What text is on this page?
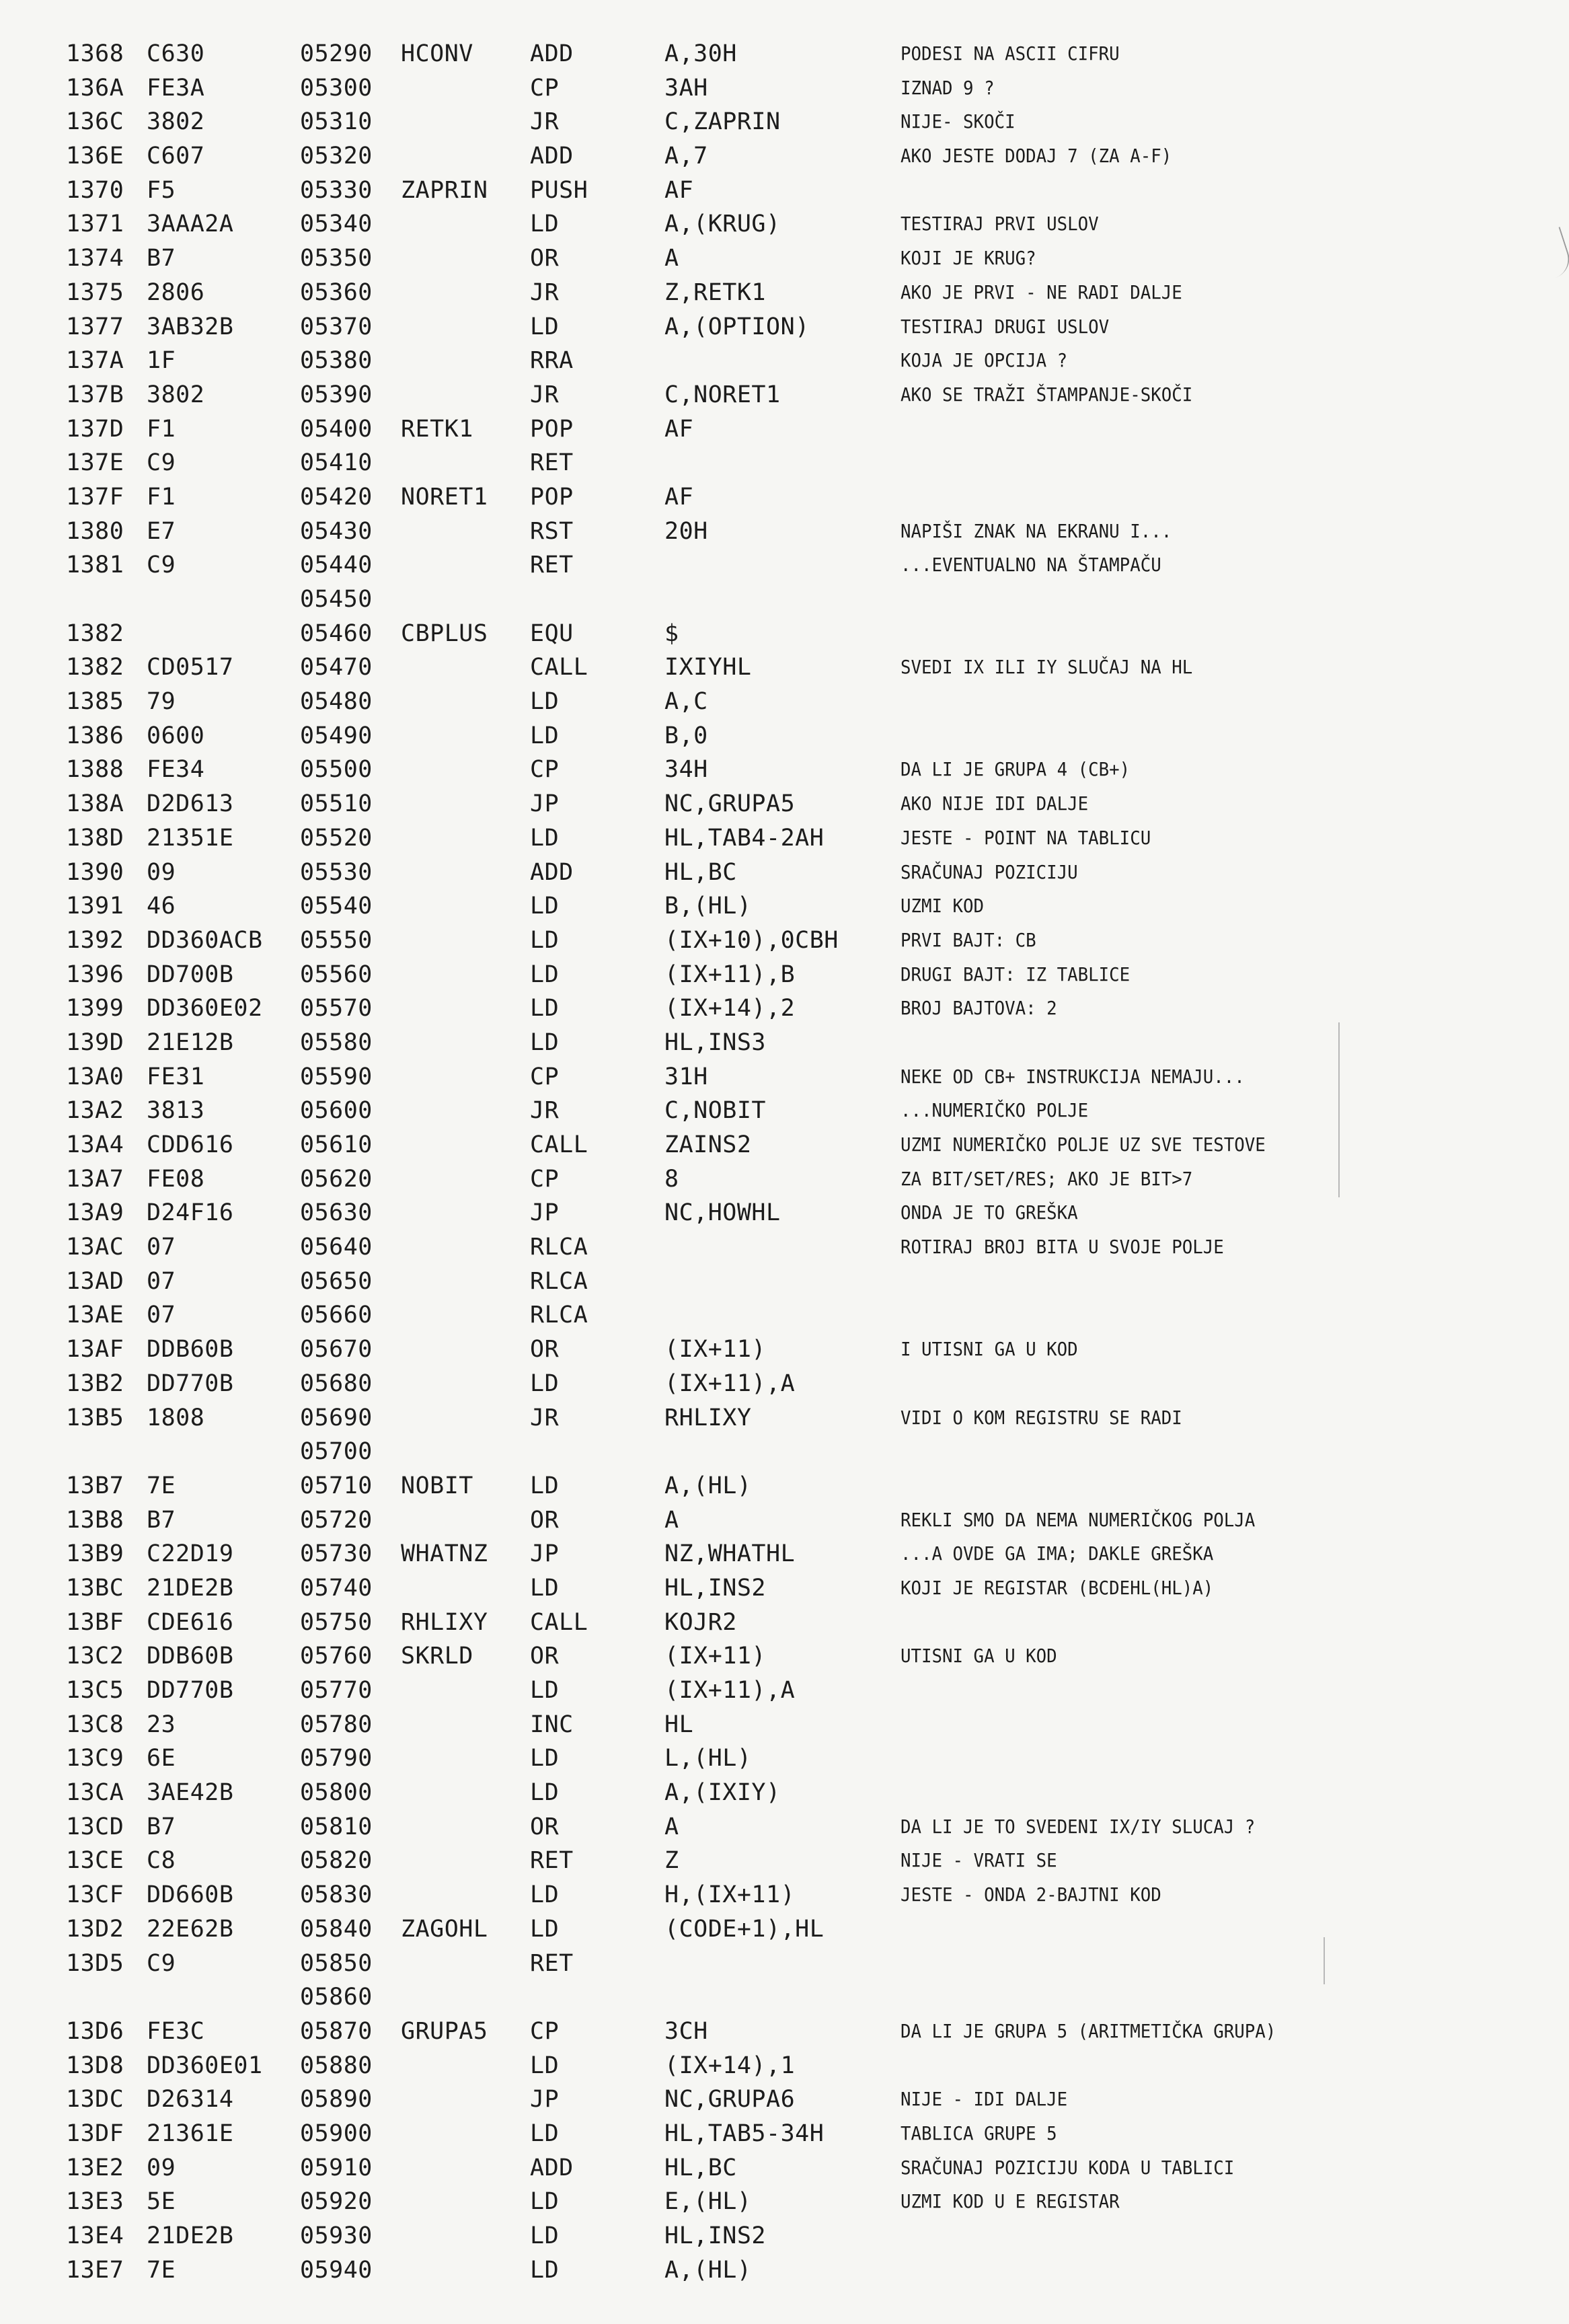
1368 C630	05290 HCONV ADD	A,30H	PODESI NA ASCII CIFRU
136A FE3A	05300	CP	3AH	IZNAD 9 ?
136C 3802	05310	JR	C,ZAPRIN	NIJE- SKOČI
136E C607	05320	ADD	A,7	AKO JESTE DODAJ 7 (ZA A-F)
1370 F5	05330 ZAPRIN PUSH	AF
1371 3AAA2A	05340	LD	A,(KRUG)	TESTIRAJ PRVI USLOV
1374 B7	05350	OR	A	KOJI JE KRUG?
1375 2806	05360	JR	Z,RETK1	AKO JE PRVI - NE RADI DALJE
1377 3AB32B	05370	LD	A,(OPTION)	TESTIRAJ DRUGI USLOV
137A 1F	05380	RRA	KOJA JE OPCIJA ?
137B 3802	05390	JR	C,NORET1	AKO SE TRAŽI ŠTAMPANJE-SKOČI
137D F1	05400 RETK1 POP	AF
137E C9	05410	RET
137F F1	05420 NORET1 POP	AF
1380 E7	05430	RST	20H	NAPIŠI ZNAK NA EKRANU I...
1381 C9	05440	RET	...EVENTUALNO NA ŠTAMPAČU
05450
1382	05460 CBPLUS EQU	$
1382 CD0517	05470	CALL	IXIYHL	SVEDI IX ILI IY SLUČAJ NA HL
1385 79	05480	LD	A,C
1386 0600	05490	LD	B,0
1388 FE34	05500	CP	34H	DA LI JE GRUPA 4 (CB+)
138A D2D613	05510	JP	NC,GRUPA5	AKO NIJE IDI DALJE
138D 21351E	05520	LD	HL,TAB4-2AH	JESTE - POINT NA TABLICU
1390 09	05530	ADD	HL,BC	SRAČUNAJ POZICIJU
1391 46	05540	LD	B,(HL)	UZMI KOD
1392 DD360ACB 05550	LD	(IX+10),0CBH	PRVI BAJT: CB
1396 DD700B	05560	LD	(IX+11),B	DRUGI BAJT: IZ TABLICE
1399 DD360E02 05570	LD	(IX+14),2	BROJ BAJTOVA: 2
139D 21E12B	05580	LD	HL,INS3
13A0 FE31	05590	CP	31H	NEKE OD CB+ INSTRUKCIJA NEMAJU...
13A2 3813	05600	JR	C,NOBIT	...NUMERIČKO POLJE
13A4 CDD616	05610	CALL	ZAINS2	UZMI NUMERIČKO POLJE UZ SVE TESTOVE
13A7 FE08	05620	CP	8	ZA BIT/SET/RES; AKO JE BIT>7
13A9 D24F16	05630	JP	NC,HOWHL	ONDA JE TO GREŠKA
13AC 07	05640	RLCA	ROTIRAJ BROJ BITA U SVOJE POLJE
13AD 07	05650	RLCA
13AE 07	05660	RLCA
13AF DDB60B	05670	OR	(IX+11)	I UTISNI GA U KOD
13B2 DD770B	05680	LD	(IX+11),A
13B5 1808	05690	JR	RHLIXY	VIDI O KOM REGISTRU SE RADI
05700
13B7 7E	05710 NOBIT LD	A,(HL)
13B8 B7	05720	OR	A	REKLI SMO DA NEMA NUMERIČKOG POLJA
13B9 C22D19	05730 WHATNZ JP	NZ,WHATHL	...A OVDE GA IMA; DAKLE GREŠKA
13BC 21DE2B	05740	LD	HL,INS2	KOJI JE REGISTAR (BCDEHL(HL)A)
13BF CDE616	05750 RHLIXY CALL	KOJR2
13C2 DDB60B	05760 SKRLD OR	(IX+11)	UTISNI GA U KOD
13C5 DD770B	05770	LD	(IX+11),A
13C8 23	05780	INC	HL
13C9 6E	05790	LD	L,(HL)
13CA 3AE42B	05800	LD	A,(IXIY)
13CD B7	05810	OR	A	DA LI JE TO SVEDENI IX/IY SLUCAJ ?
13CE C8	05820	RET	Z	NIJE - VRATI SE
13CF DD660B	05830	LD	H,(IX+11)	JESTE - ONDA 2-BAJTNI KOD
13D2 22E62B	05840 ZAGOHL LD	(CODE+1),HL
13D5 C9	05850	RET
05860
13D6 FE3C	05870 GRUPA5 CP	3CH	DA LI JE GRUPA 5 (ARITMETIČKA GRUPA)
13D8 DD360E01 05880	LD	(IX+14),1
13DC D26314	05890	JP	NC,GRUPA6	NIJE - IDI DALJE
13DF 21361E	05900	LD	HL,TAB5-34H	TABLICA GRUPE 5
13E2 09	05910	ADD	HL,BC	SRAČUNAJ POZICIJU KODA U TABLICI
13E3 5E	05920	LD	E,(HL)	UZMI KOD U E REGISTAR
13E4 21DE2B	05930	LD	HL,INS2
13E7 7E	05940	LD	A,(HL)
